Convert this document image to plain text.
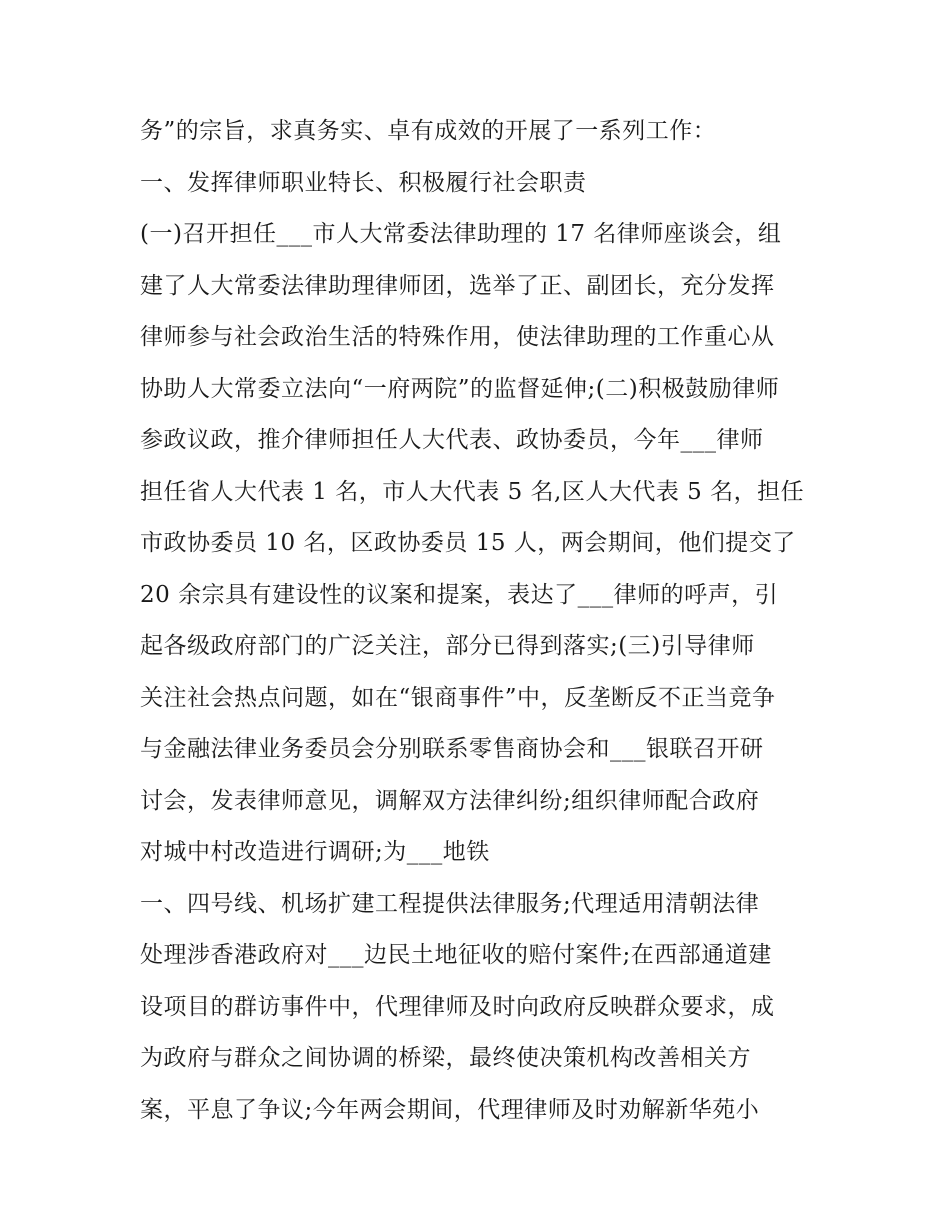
务”的宗旨，求真务实、卓有成效的开展了一系列工作：
一、发挥律师职业特长、积极履行社会职责
(一)召开担任___市人大常委法律助理的 17 名律师座谈会，组
建了人大常委法律助理律师团，选举了正、副团长，充分发挥
律师参与社会政治生活的特殊作用，使法律助理的工作重心从
协助人大常委立法向“一府两院”的监督延伸;(二)积极鼓励律师
参政议政，推介律师担任人大代表、政协委员，今年___律师
担任省人大代表 1 名，市人大代表 5 名,区人大代表 5 名，担任
市政协委员 10 名，区政协委员 15 人，两会期间，他们提交了
20 余宗具有建设性的议案和提案，表达了___律师的呼声，引
起各级政府部门的广泛关注，部分已得到落实;(三)引导律师
关注社会热点问题，如在“银商事件”中，反垄断反不正当竞争
与金融法律业务委员会分别联系零售商协会和___银联召开研
讨会，发表律师意见，调解双方法律纠纷;组织律师配合政府
对城中村改造进行调研;为___地铁
一、四号线、机场扩建工程提供法律服务;代理适用清朝法律
处理涉香港政府对___边民土地征收的赔付案件;在西部通道建
设项目的群访事件中，代理律师及时向政府反映群众要求，成
为政府与群众之间协调的桥梁，最终使决策机构改善相关方
案，平息了争议;今年两会期间，代理律师及时劝解新华苑小
